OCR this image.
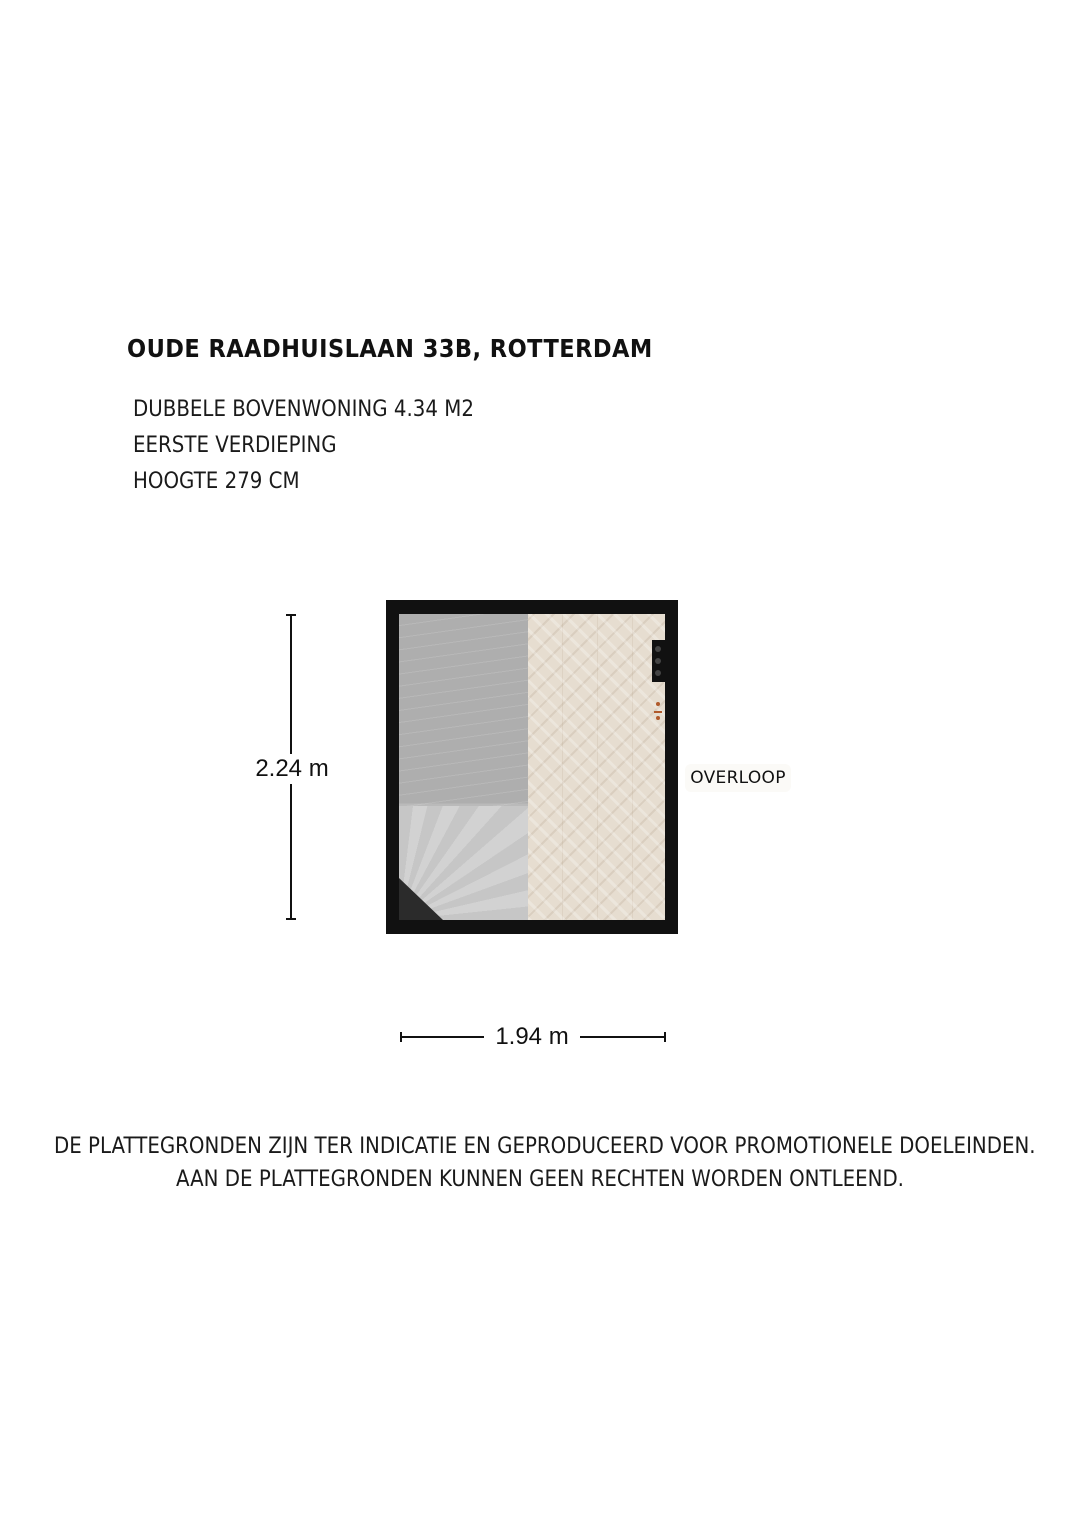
OUDE RAADHUISLAAN 33B, ROTTERDAM
DUBBELE BOVENWONING 4.34 M2
EERSTE VERDIEPING
HOOGTE 279 CM
2.24 m	OVERLOOP
1.94 m
DE PLATTEGRONDEN ZIJN TER INDICATIE EN GEPRODUCEERD VOOR PROMOTIONELE DOELEINDEN.
AAN DE PLATTEGRONDEN KUNNEN GEEN RECHTEN WORDEN ONTLEEND.
